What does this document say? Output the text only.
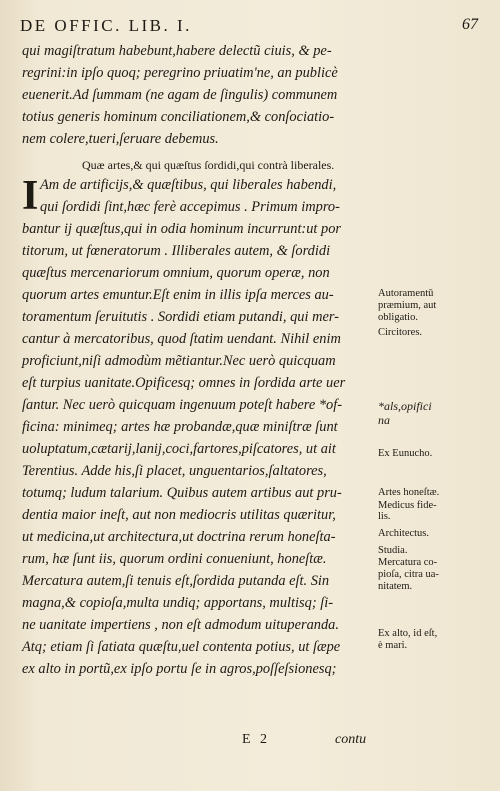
DE OFFIC. LIB. I.	67
qui magiſtratum habebunt,habere delectũ ciuis, & pe-
regrini:in ipſo quoq; peregrino priuatim'ne, an publicè
euenerit.Ad ſummam (ne agam de ſingulis) communem
totius generis hominum conciliationem,& conſociatio-
nem colere,tueri,ſeruare debemus.
Quæ artes,& qui quæſtus ſordidi,qui contrà liberales.
I Am de artificijs,& quæſtibus, qui liberales habendi,
qui ſordidi ſint,hæc ferè accepimus . Primum impro-
bantur ij quæſtus,qui in odia hominum incurrunt:ut por
titorum, ut fœneratorum . Illiberales autem, & ſordidi
quæſtus mercenariorum omnium, quorum operæ, non
quorum artes emuntur.Eſt enim in illis ipſa merces au-
toramentum ſeruitutis . Sordidi etiam putandi, qui mer-
cantur à mercatoribus, quod ſtatim uendant. Nihil enim
proficiunt,niſi admodùm mẽtiantur.Nec uerò quicquam
eſt turpius uanitate.Opificesq; omnes in ſordida arte uer
ſantur. Nec uerò quicquam ingenuum poteſt habere *of-
ficina: minimeq; artes hæ probandæ,quæ miniſtræ ſunt
uoluptatum,cætarij,lanij,coci,fartores,piſcatores, ut ait
Terentius. Adde his,ſi placet, unguentarios,ſaltatores,
totumq; ludum talarium. Quibus autem artibus aut pru-
dentia maior ineſt, aut non mediocris utilitas quæritur,
ut medicina,ut architectura,ut doctrina rerum honeſta-
rum, hæ ſunt iis, quorum ordini conueniunt, honeſtæ.
Mercatura autem,ſi tenuis eſt,ſordida putanda eſt. Sin
magna,& copioſa,multa undiq; apportans, multisq; ſi-
ne uanitate impertiens , non eſt admodum uituperanda.
Atq; etiam ſi ſatiata quæſtu,uel contenta potius, ut ſæpe
ex alto in portũ,ex ipſo portu ſe in agros,poſſeſsionesq;
Autoramentū
præmium, aut
obligatio.
Circitores.
*als,opifici
na
Ex Eunucho.
Artes honeſtæ.
Medicus fide-
lis.
Architectus.
Studia.
Mercatura co-
pioſa, citra ua-
nitatem.
Ex alto, id eſt,
è mari.
E 2	contu
